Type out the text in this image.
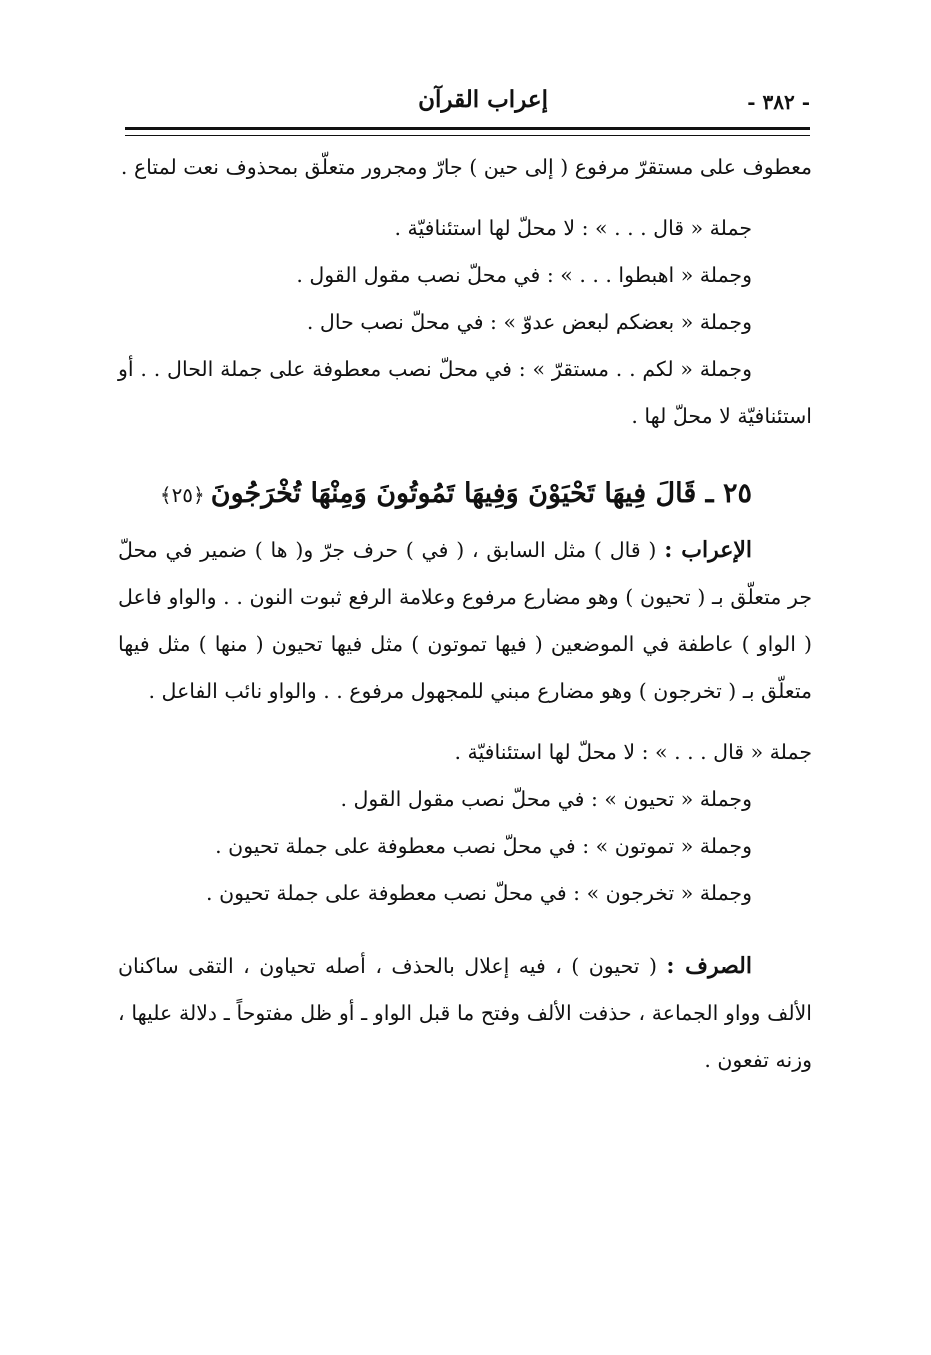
- ٣٨٢ -
إعراب القرآن

معطوف على مستقرّ مرفوع ( إلى حين ) جارّ ومجرور متعلّق بمحذوف نعت لمتاع .

جملة « قال . . . » : لا محلّ لها استئنافيّة .

وجملة « اهبطوا . . . » : في محلّ نصب مقول القول .

وجملة « بعضكم لبعض عدوّ » : في محلّ نصب حال .

وجملة « لكم . . مستقرّ » : في محلّ نصب معطوفة على جملة الحال . . أو استئنافيّة لا محلّ لها .

٢٥ ـ قَالَ فِيهَا تَحْيَوْنَ وَفِيهَا تَمُوتُونَ وَمِنْهَا تُخْرَجُونَ﴿٢٥﴾

الإعراب : ( قال ) مثل السابق ، ( في ) حرف جرّ و( ها ) ضمير في محلّ جر متعلّق بـ ( تحيون ) وهو مضارع مرفوع وعلامة الرفع ثبوت النون . . والواو فاعل ( الواو ) عاطفة في الموضعين ( فيها تموتون ) مثل فيها تحيون ( منها ) مثل فيها متعلّق بـ ( تخرجون ) وهو مضارع مبني للمجهول مرفوع . . والواو نائب الفاعل .

جملة « قال . . . » : لا محلّ لها استئنافيّة .

وجملة « تحيون » : في محلّ نصب مقول القول .

وجملة « تموتون » : في محلّ نصب معطوفة على جملة تحيون .

وجملة « تخرجون » : في محلّ نصب معطوفة على جملة تحيون .

الصرف : ( تحيون ) ، فيه إعلال بالحذف ، أصله تحياون ، التقى ساكنان الألف وواو الجماعة ، حذفت الألف وفتح ما قبل الواو ـ أو ظل مفتوحاً ـ دلالة عليها ، وزنه تفعون .
